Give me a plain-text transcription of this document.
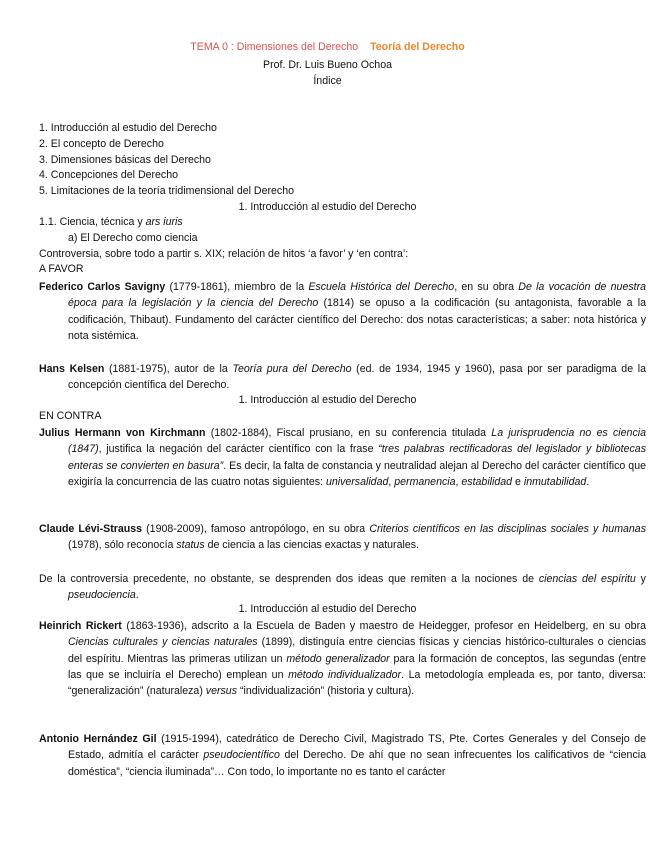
TEMA 0 : Dimensiones del Derecho Teoría del Derecho
Prof. Dr. Luis Bueno Ochoa
Índice
1. Introducción al estudio del Derecho
2. El concepto de Derecho
3. Dimensiones básicas del Derecho
4. Concepciones del Derecho
5. Limitaciones de la teoría tridimensional del Derecho
1. Introducción al estudio del Derecho
1.1. Ciencia, técnica y ars iuris
a) El Derecho como ciencia
Controversia, sobre todo a partir s. XIX; relación de hitos ‘a favor’ y ‘en contra’:
A FAVOR
Federico Carlos Savigny (1779-1861), miembro de la Escuela Histórica del Derecho, en su obra De la vocación de nuestra época para la legislación y la ciencia del Derecho (1814) se opuso a la codificación (su antagonista, favorable a la codificación, Thibaut). Fundamento del carácter científico del Derecho: dos notas características; a saber: nota histórica y nota sistémica.
Hans Kelsen (1881-1975), autor de la Teoría pura del Derecho (ed. de 1934, 1945 y 1960), pasa por ser paradigma de la concepción científica del Derecho.
1. Introducción al estudio del Derecho
EN CONTRA
Julius Hermann von Kirchmann (1802-1884), Fiscal prusiano, en su conferencia titulada La jurisprudencia no es ciencia (1847), justifica la negación del carácter científico con la frase “tres palabras rectificadoras del legislador y bibliotecas enteras se convierten en basura”. Es decir, la falta de constancia y neutralidad alejan al Derecho del carácter científico que exigiría la concurrencia de las cuatro notas siguientes: universalidad, permanencia, estabilidad e inmutabilidad.
Claude Lévi-Strauss (1908-2009), famoso antropólogo, en su obra Criterios científicos en las disciplinas sociales y humanas (1978), sólo reconocía status de ciencia a las ciencias exactas y naturales.
De la controversia precedente, no obstante, se desprenden dos ideas que remiten a la nociones de ciencias del espíritu y pseudociencia.
1. Introducción al estudio del Derecho
Heinrich Rickert (1863-1936), adscrito a la Escuela de Baden y maestro de Heidegger, profesor en Heidelberg, en su obra Ciencias culturales y ciencias naturales (1899), distinguía entre ciencias físicas y ciencias histórico-culturales o ciencias del espíritu. Mientras las primeras utilizan un método generalizador para la formación de conceptos, las segundas (entre las que se incluiría el Derecho) emplean un método individualizador. La metodología empleada es, por tanto, diversa: “generalización” (naturaleza) versus “individualización” (historia y cultura).
Antonio Hernández Gil (1915-1994), catedrático de Derecho Civil, Magistrado TS, Pte. Cortes Generales y del Consejo de Estado, admitía el carácter pseudocientífico del Derecho. De ahí que no sean infrecuentes los calificativos de “ciencia doméstica”, “ciencia iluminada”… Con todo, lo importante no es tanto el carácter
